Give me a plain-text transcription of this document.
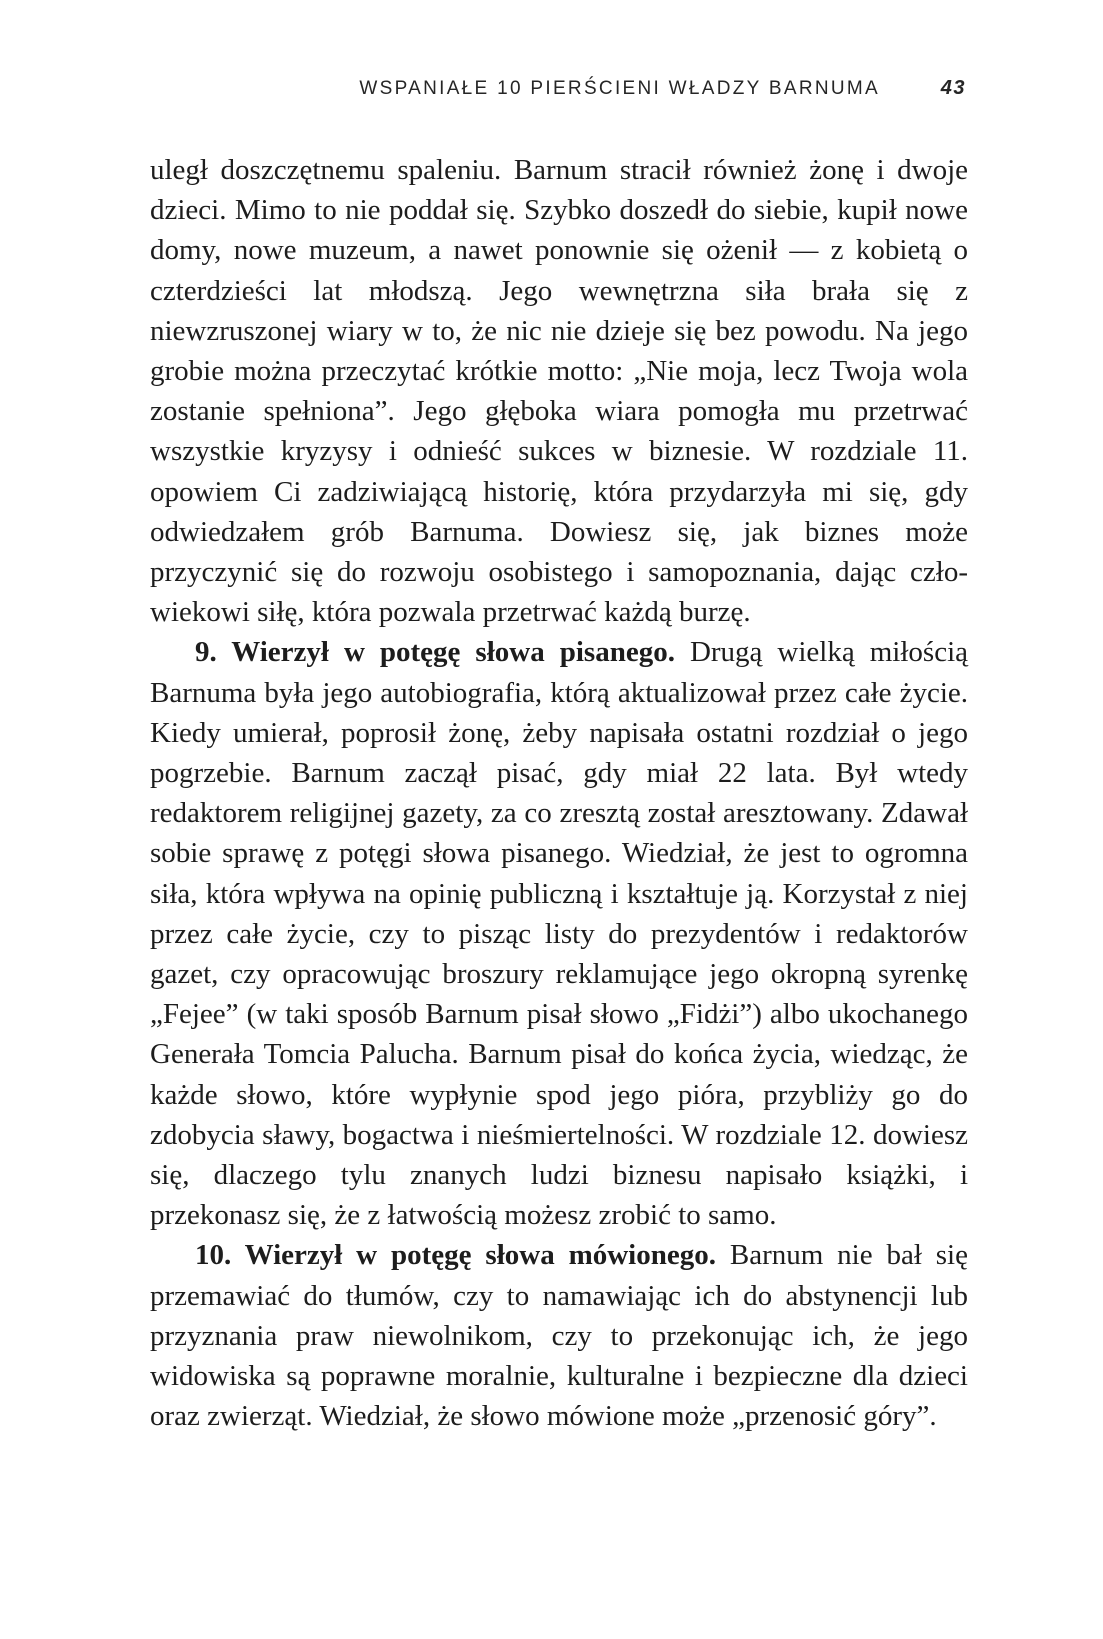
WSPANIAŁE 10 PIERŚCIENI WŁADZY BARNUMA	43

uległ doszczętnemu spaleniu. Barnum stracił również żonę i dwoje dzieci. Mimo to nie poddał się. Szybko doszedł do siebie, kupił nowe domy, nowe muzeum, a nawet ponownie się ożenił — z kobietą o czterdzieści lat młodszą. Jego wewnętrzna siła brała się z niewzruszonej wiary w to, że nic nie dzieje się bez powodu. Na jego grobie można przeczytać krótkie motto: „Nie moja, lecz Twoja wola zostanie spełniona”. Jego głęboka wiara pomogła mu przetrwać wszystkie kryzysy i odnieść sukces w biznesie. W rozdziale 11. opowiem Ci zadziwiającą historię, która przydarzyła mi się, gdy odwiedzałem grób Barnuma. Dowiesz się, jak biznes może przyczynić się do rozwoju osobistego i samopoznania, dając człowiekowi siłę, która pozwala przetrwać każdą burzę.

9. Wierzył w potęgę słowa pisanego. Drugą wielką miłością Barnuma była jego autobiografia, którą aktualizował przez całe życie. Kiedy umierał, poprosił żonę, żeby napisała ostatni rozdział o jego pogrzebie. Barnum zaczął pisać, gdy miał 22 lata. Był wtedy redaktorem religijnej gazety, za co zresztą został aresztowany. Zdawał sobie sprawę z potęgi słowa pisanego. Wiedział, że jest to ogromna siła, która wpływa na opinię publiczną i kształtuje ją. Korzystał z niej przez całe życie, czy to pisząc listy do prezydentów i redaktorów gazet, czy opracowując broszury reklamujące jego okropną syrenkę „Fejee” (w taki sposób Barnum pisał słowo „Fidżi”) albo ukochanego Generała Tomcia Palucha. Barnum pisał do końca życia, wiedząc, że każde słowo, które wypłynie spod jego pióra, przybliży go do zdobycia sławy, bogactwa i nieśmiertelności. W rozdziale 12. dowiesz się, dlaczego tylu znanych ludzi biznesu napisało książki, i przekonasz się, że z łatwością możesz zrobić to samo.

10. Wierzył w potęgę słowa mówionego. Barnum nie bał się przemawiać do tłumów, czy to namawiając ich do abstynencji lub przyznania praw niewolnikom, czy to przekonując ich, że jego widowiska są poprawne moralnie, kulturalne i bezpieczne dla dzieci oraz zwierząt. Wiedział, że słowo mówione może „przenosić góry”.
